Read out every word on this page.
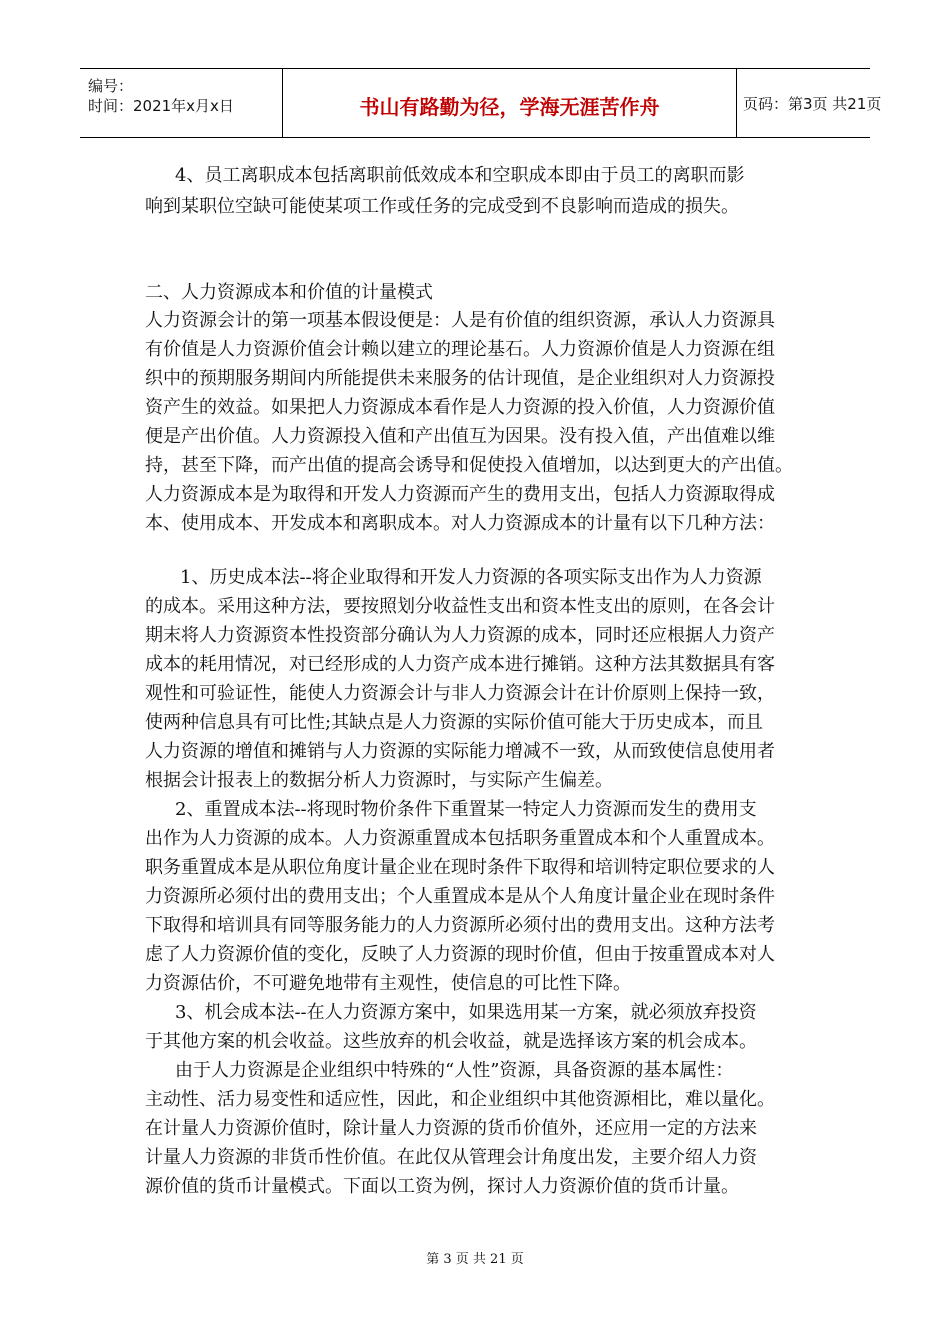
编号：
时间：2021年x月x日	书山有路勤为径，学海无涯苦作舟	页码：第3页 共21页
4、员工离职成本包括离职前低效成本和空职成本即由于员工的离职而影
响到某职位空缺可能使某项工作或任务的完成受到不良影响而造成的损失。
二、人力资源成本和价值的计量模式
人力资源会计的第一项基本假设便是：人是有价值的组织资源，承认人力资源具
有价值是人力资源价值会计赖以建立的理论基石。人力资源价值是人力资源在组
织中的预期服务期间内所能提供未来服务的估计现值，是企业组织对人力资源投
资产生的效益。如果把人力资源成本看作是人力资源的投入价值，人力资源价值
便是产出价值。人力资源投入值和产出值互为因果。没有投入值，产出值难以维
持，甚至下降，而产出值的提高会诱导和促使投入值增加，以达到更大的产出值。
人力资源成本是为取得和开发人力资源而产生的费用支出，包括人力资源取得成
本、使用成本、开发成本和离职成本。对人力资源成本的计量有以下几种方法：
1、历史成本法--将企业取得和开发人力资源的各项实际支出作为人力资源
的成本。采用这种方法，要按照划分收益性支出和资本性支出的原则，在各会计
期末将人力资源资本性投资部分确认为人力资源的成本，同时还应根据人力资产
成本的耗用情况，对已经形成的人力资产成本进行摊销。这种方法其数据具有客
观性和可验证性，能使人力资源会计与非人力资源会计在计价原则上保持一致，
使两种信息具有可比性;其缺点是人力资源的实际价值可能大于历史成本，而且
人力资源的增值和摊销与人力资源的实际能力增减不一致，从而致使信息使用者
根据会计报表上的数据分析人力资源时，与实际产生偏差。
2、重置成本法--将现时物价条件下重置某一特定人力资源而发生的费用支
出作为人力资源的成本。人力资源重置成本包括职务重置成本和个人重置成本。
职务重置成本是从职位角度计量企业在现时条件下取得和培训特定职位要求的人
力资源所必须付出的费用支出；个人重置成本是从个人角度计量企业在现时条件
下取得和培训具有同等服务能力的人力资源所必须付出的费用支出。这种方法考
虑了人力资源价值的变化，反映了人力资源的现时价值，但由于按重置成本对人
力资源估价，不可避免地带有主观性，使信息的可比性下降。
3、机会成本法--在人力资源方案中，如果选用某一方案，就必须放弃投资
于其他方案的机会收益。这些放弃的机会收益，就是选择该方案的机会成本。
由于人力资源是企业组织中特殊的“人性”资源，具备资源的基本属性：
主动性、活力易变性和适应性，因此，和企业组织中其他资源相比，难以量化。
在计量人力资源价值时，除计量人力资源的货币价值外，还应用一定的方法来
计量人力资源的非货币性价值。在此仅从管理会计角度出发，主要介绍人力资
源价值的货币计量模式。下面以工资为例，探讨人力资源价值的货币计量。
第 3 页 共 21 页
